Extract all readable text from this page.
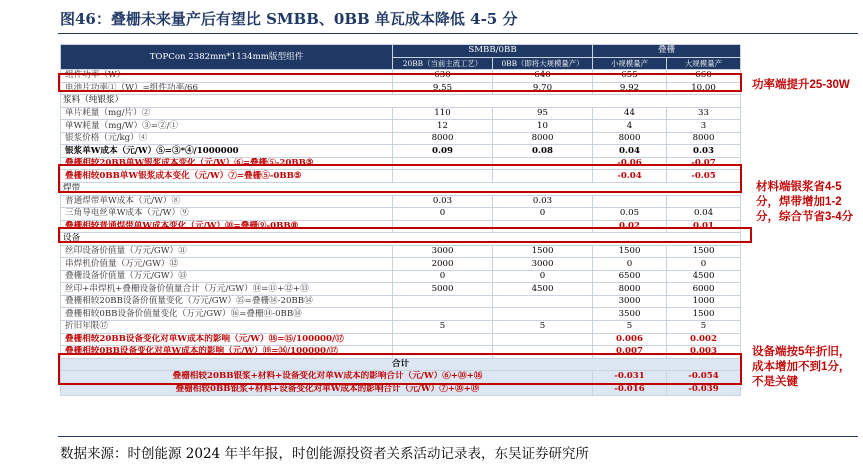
图46：叠栅未来量产后有望比 SMBB、0BB 单瓦成本降低 4-5 分
TOPCon 2382mm*1134mm版型组件	SMBB/0BB		叠栅	
	20BB（当前主流工艺）	0BB（即将大规模量产）	小规模量产	大规模量产
组件功率（W）	630	640	655	660
电池片功率①（W）=组件功率/66	9.55	9.70	9.92	10.00
浆料（纯银浆）				
单片耗量（mg/片）②	110	95	44	33
单W耗量（mg/W）③=②/①	12	10	4	3
银浆价格（元/kg）④	8000	8000	8000	8000
银浆单W成本（元/W）⑤=③*④/1000000	0.09	0.08	0.04	0.03
叠栅相较20BB单W银浆成本变化（元/W）⑥=叠栅⑤-20BB⑤			-0.06	-0.07
叠栅相较0BB单W银浆成本变化（元/W）⑦=叠栅⑤-0BB⑤			-0.04	-0.05
焊带				
普通焊带单W成本（元/W）⑧	0.03	0.03		
三角导电丝单W成本（元/W）⑨	0	0	0.05	0.04
叠栅相较普通焊带单W成本变化（元/W）⑩=叠栅⑨-0BB⑧			0.02	0.01
设备				
丝印设备价值量（万元/GW）⑪	3000	1500	1500	1500
串焊机价值量（万元/GW）⑫	2000	3000	0	0
叠栅设备价值量（万元/GW）⑬	0	0	6500	4500
丝印+串焊机+叠栅设备价值量合计（万元/GW）⑭=⑪+⑫+⑬	5000	4500	8000	6000
叠栅相较20BB设备价值量变化（万元/GW）⑮=叠栅⑭-20BB⑭			3000	1000
叠栅相较0BB设备价值量变化（万元/GW）⑯=叠栅⑭-0BB⑭			3500	1500
折旧年限⑰	5	5	5	5
叠栅相较20BB设备变化对单W成本的影响（元/W）⑱=⑮/100000/⑰			0.006	0.002
叠栅相较0BB设备变化对单W成本的影响（元/W）⑲=⑯/100000/⑰			0.007	0.003
合计				
叠栅相较20BB银浆+材料+设备变化对单W成本的影响合计（元/W）⑥+⑩+⑱			-0.031	-0.054
叠栅相较0BB银浆+材料+设备变化对单W成本的影响合计（元/W）⑦+⑩+⑲			-0.016	-0.039
功率端提升25-30W
材料端银浆省4-5分，焊带增加1-2分，综合节省3-4分
设备端按5年折旧，成本增加不到1分，不是关键
数据来源：时创能源 2024 年半年报，时创能源投资者关系活动记录表，东吴证券研究所
